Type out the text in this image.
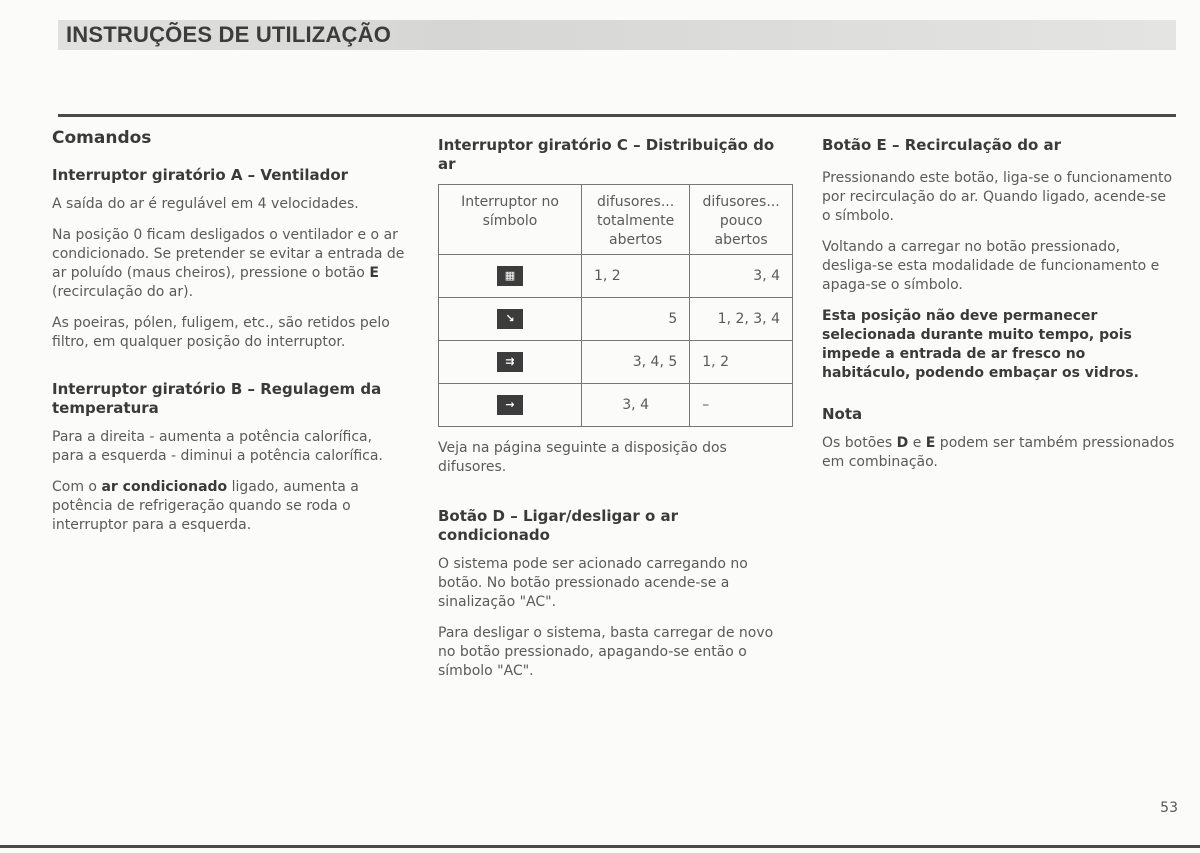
INSTRUÇÕES DE UTILIZAÇÃO
Comandos
Interruptor giratório A – Ventilador

A saída do ar é regulável em 4 velocidades.

Na posição 0 ficam desligados o ventilador e o ar condicionado. Se pretender se evitar a entrada de ar poluído (maus cheiros), pressione o botão E (recirculação do ar).

As poeiras, pólen, fuligem, etc., são retidos pelo filtro, em qualquer posição do interruptor.

Interruptor giratório B – Regulagem da temperatura

Para a direita - aumenta a potência calorífica, para a esquerda - diminui a potência calorífica.

Com o ar condicionado ligado, aumenta a potência de refrigeração quando se roda o interruptor para a esquerda.

Interruptor giratório C – Distribuição do ar
Interruptor no símbolo	difusores... totalmente abertos	difusores... pouco abertos
▦	1, 2	3, 4
↘	5	1, 2, 3, 4
⇉	3, 4, 5	1, 2
→	3, 4	–

Veja na página seguinte a disposição dos difusores.

Botão D – Ligar/desligar o ar condicionado

O sistema pode ser acionado carregando no botão. No botão pressionado acende-se a sinalização "AC".

Para desligar o sistema, basta carregar de novo no botão pressionado, apagando-se então o símbolo "AC".

Botão E – Recirculação do ar

Pressionando este botão, liga-se o funcionamento por recirculação do ar. Quando ligado, acende-se o símbolo.

Voltando a carregar no botão pressionado, desliga-se esta modalidade de funcionamento e apaga-se o símbolo.

Esta posição não deve permanecer selecionada durante muito tempo, pois impede a entrada de ar fresco no habitáculo, podendo embaçar os vidros.

Nota

Os botões D e E podem ser também pressionados em combinação.

53
